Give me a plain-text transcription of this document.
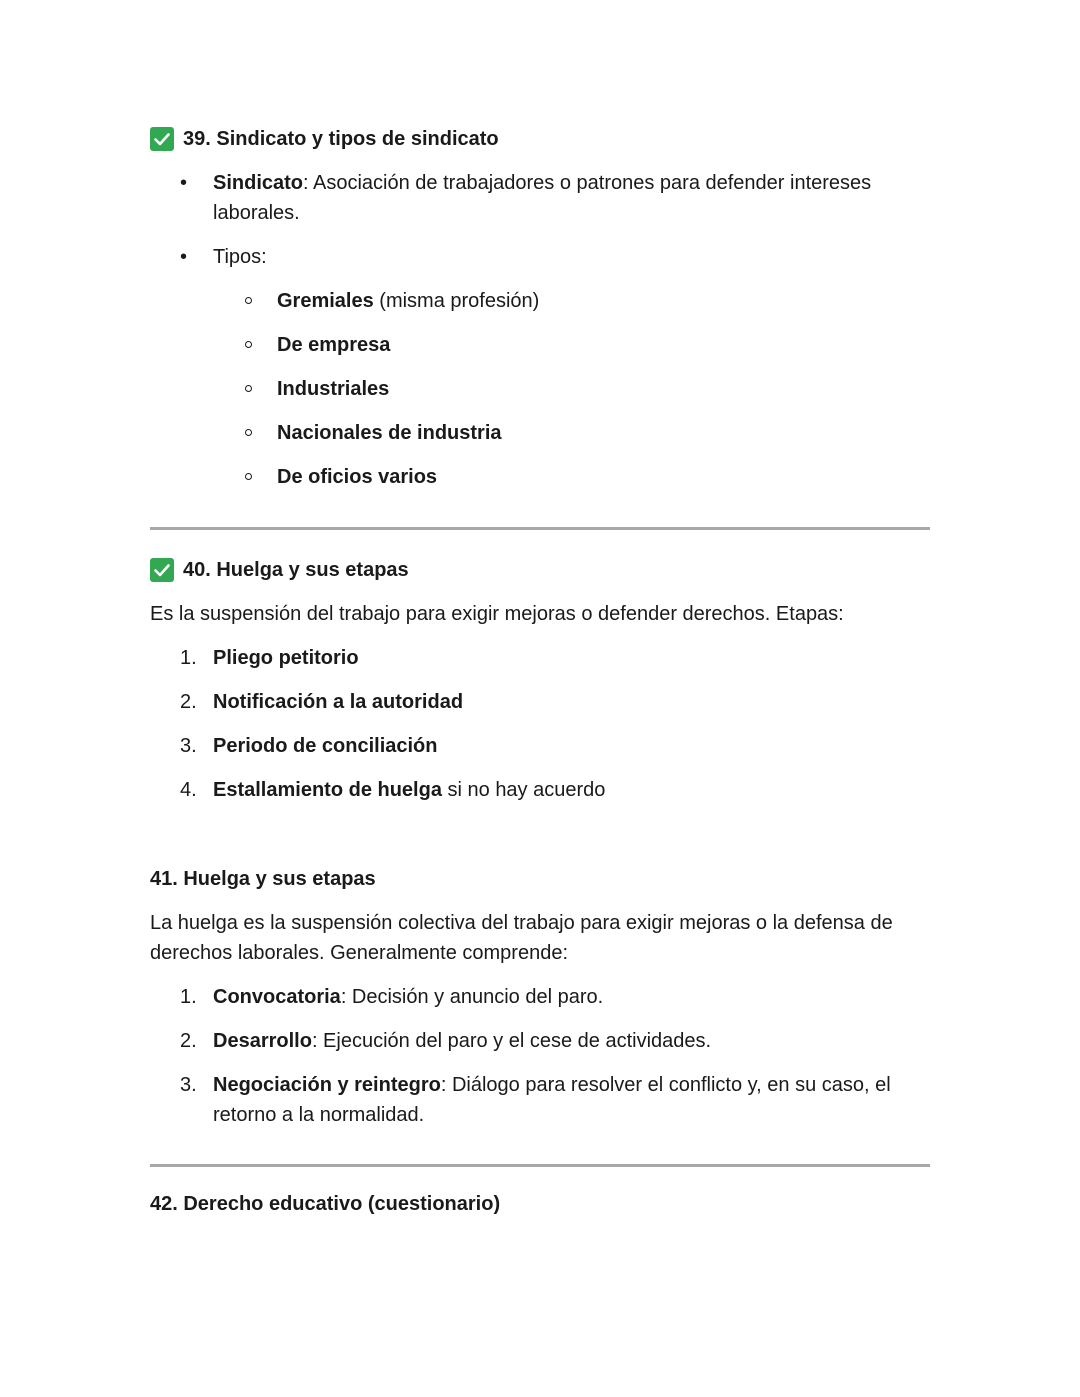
39. Sindicato y tipos de sindicato
• Sindicato: Asociación de trabajadores o patrones para defender intereses laborales.
• Tipos:
Gremiales (misma profesión)
De empresa
Industriales
Nacionales de industria
De oficios varios
40. Huelga y sus etapas
Es la suspensión del trabajo para exigir mejoras o defender derechos. Etapas:
1. Pliego petitorio
2. Notificación a la autoridad
3. Periodo de conciliación
4. Estallamiento de huelga si no hay acuerdo
41. Huelga y sus etapas
La huelga es la suspensión colectiva del trabajo para exigir mejoras o la defensa de derechos laborales. Generalmente comprende:
1. Convocatoria: Decisión y anuncio del paro.
2. Desarrollo: Ejecución del paro y el cese de actividades.
3. Negociación y reintegro: Diálogo para resolver el conflicto y, en su caso, el retorno a la normalidad.
42. Derecho educativo (cuestionario)
